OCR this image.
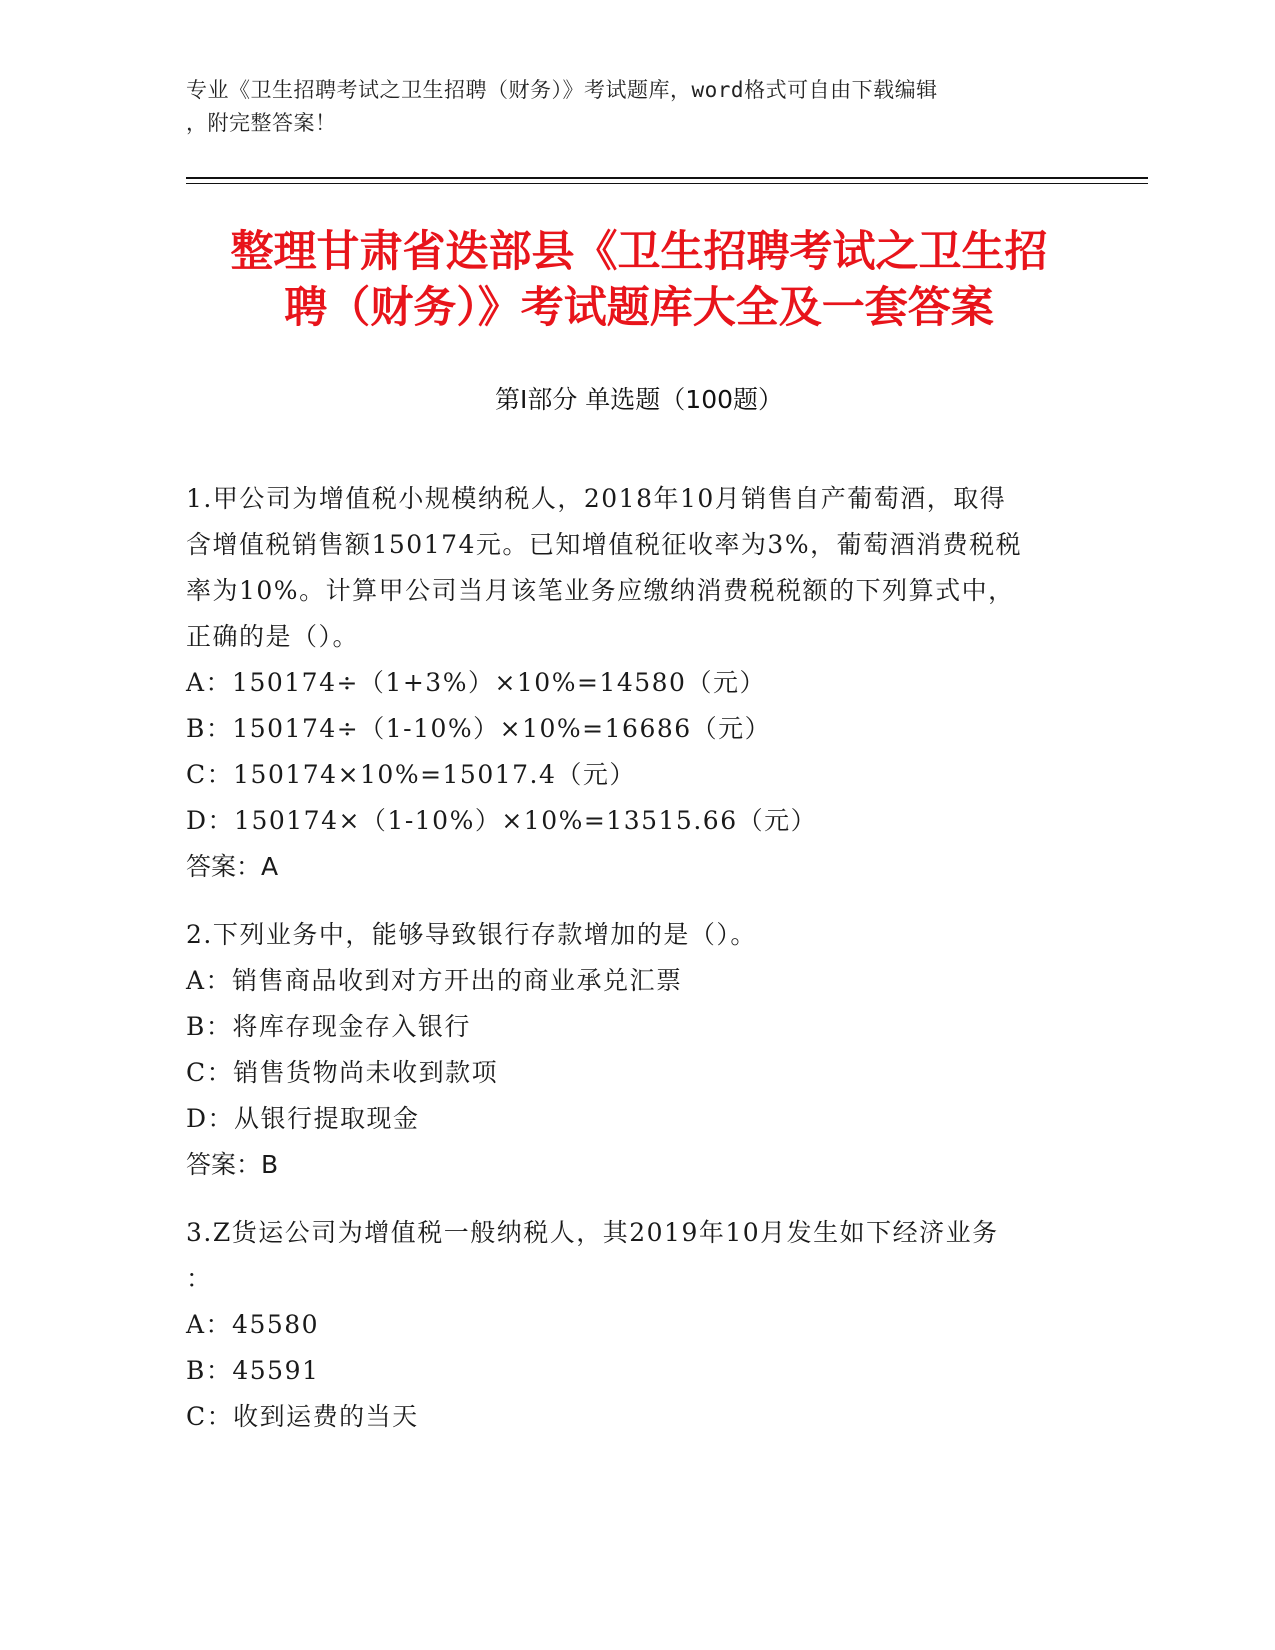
专业《卫生招聘考试之卫生招聘（财务）》考试题库，word格式可自由下载编辑
，附完整答案！
整理甘肃省迭部县《卫生招聘考试之卫生招
聘（财务）》考试题库大全及一套答案
第Ⅰ部分 单选题（100题）

1.甲公司为增值税小规模纳税人，2018年10月销售自产葡萄酒，取得

含增值税销售额150174元。已知增值税征收率为3%，葡萄酒消费税税

率为10%。计算甲公司当月该笔业务应缴纳消费税税额的下列算式中，

正确的是（）。

A：150174÷（1+3%）×10%=14580（元）

B：150174÷（1-10%）×10%=16686（元）

C：150174×10%=15017.4（元）

D：150174×（1-10%）×10%=13515.66（元）

答案：A

2.下列业务中，能够导致银行存款增加的是（）。

A：销售商品收到对方开出的商业承兑汇票

B：将库存现金存入银行

C：销售货物尚未收到款项

D：从银行提取现金

答案：B

3.Z货运公司为增值税一般纳税人，其2019年10月发生如下经济业务

：

A：45580

B：45591

C：收到运费的当天
